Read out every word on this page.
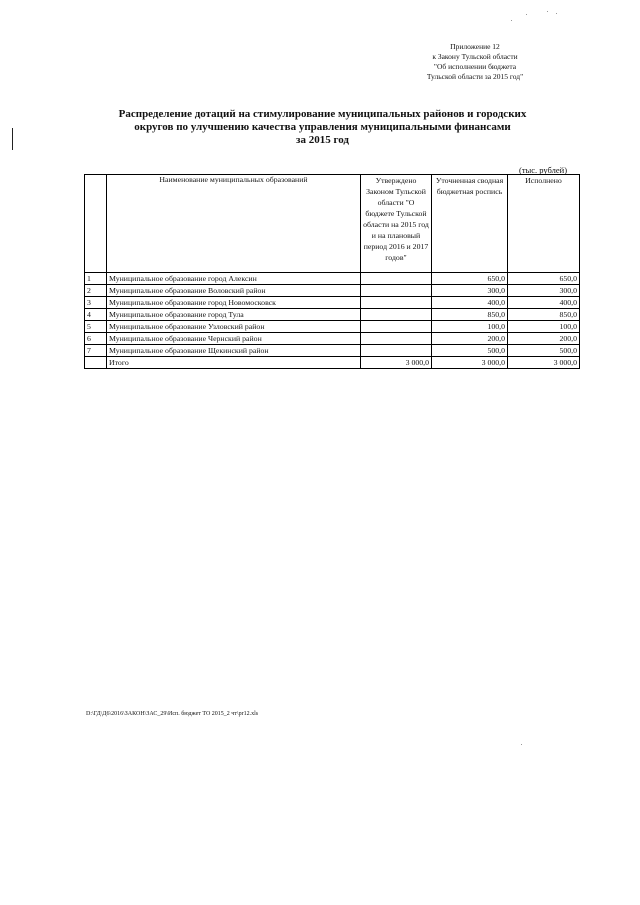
Приложение 12
к Закону Тульской области
"Об исполнении бюджета
Тульской области за 2015 год"
Распределение дотаций на стимулирование муниципальных районов и городских
округов по улучшению качества управления муниципальными финансами
за 2015 год
(тыс. рублей)
	Наименование муниципальных образований	Утверждено Законом Тульской области "О бюджете Тульской области на 2015 год и на плановый период 2016 и 2017 годов"	Уточненная сводная бюджетная роспись	Исполнено
1	Муниципальное образование город Алексин		650,0	650,0
2	Муниципальное образование Воловский район		300,0	300,0
3	Муниципальное образование город Новомосковск		400,0	400,0
4	Муниципальное образование город Тула		850,0	850,0
5	Муниципальное образование Узловский район		100,0	100,0
6	Муниципальное образование Чернский район		200,0	200,0
7	Муниципальное образование Щекинский район		500,0	500,0
	Итого	3 000,0	3 000,0	3 000,0
D:\ГД\Д6\2016\ЗАКОН\ЗАС_29\Исп. бюджет ТО 2015_2 чт\pr12.xls
